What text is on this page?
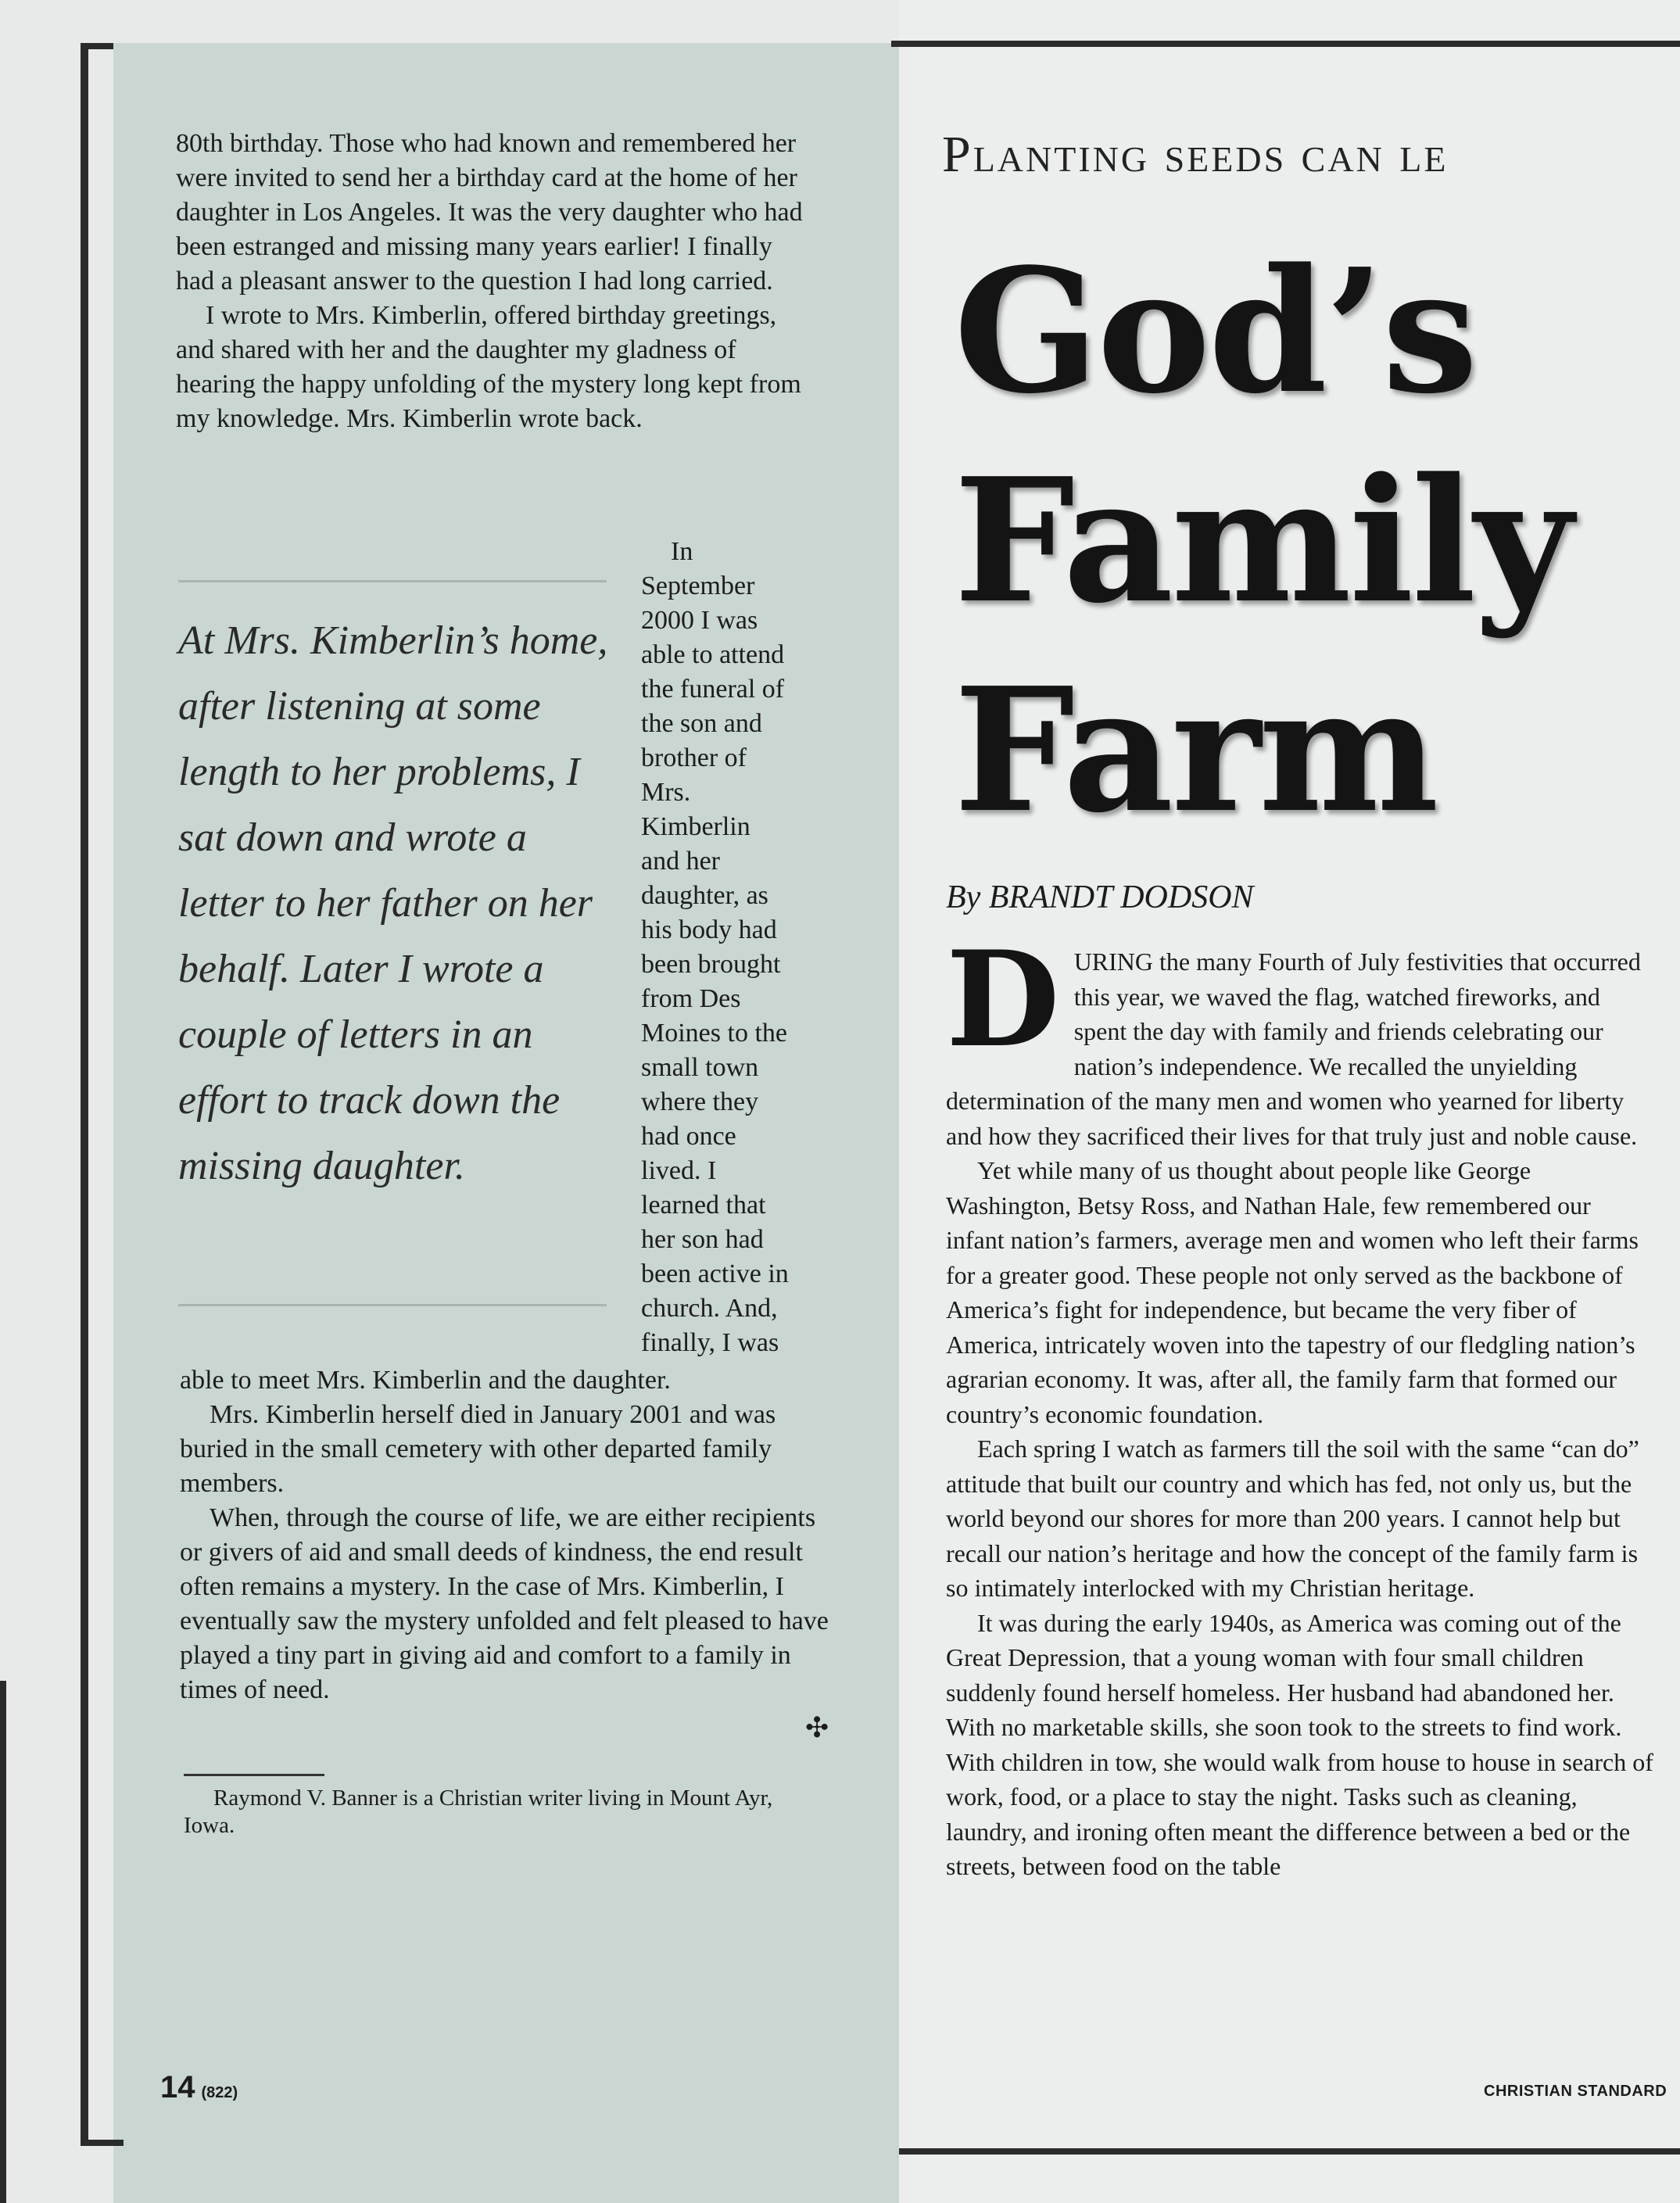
80th birthday. Those who had known and remembered her were invited to send her a birthday card at the home of her daughter in Los Angeles. It was the very daughter who had been estranged and missing many years earlier! I finally had a pleasant answer to the question I had long carried.

I wrote to Mrs. Kimberlin, offered birthday greetings, and shared with her and the daughter my gladness of hearing the happy unfolding of the mystery long kept from my knowledge. Mrs. Kimberlin wrote back.

At Mrs. Kimberlin’s home, after listening at some length to her problems, I sat down and wrote a letter to her father on her behalf. Later I wrote a couple of letters in an effort to track down the missing daughter.
In
September
2000 I was
able to attend
the funeral of
the son and
brother of
Mrs.
Kimberlin
and her
daughter, as
his body had
been brought
from Des
Moines to the
small town
where they
had once
lived. I
learned that
her son had
been active in
church. And,
finally, I was

able to meet Mrs. Kimberlin and the daughter.

Mrs. Kimberlin herself died in January 2001 and was buried in the small cemetery with other departed family members.

When, through the course of life, we are either recipients or givers of aid and small deeds of kindness, the end result often remains a mystery. In the case of Mrs. Kimberlin, I eventually saw the mystery unfolded and felt pleased to have played a tiny part in giving aid and comfort to a family in times of need.

✣
Raymond V. Banner is a Christian writer living in Mount Ayr, Iowa.
14 (822)
Planting seeds can le
God’s
Family
Farm
By BRANDT DODSON

DURING the many Fourth of July festivities that occurred this year, we waved the flag, watched fireworks, and spent the day with family and friends celebrating our nation’s independence. We recalled the unyielding determination of the many men and women who yearned for liberty and how they sacrificed their lives for that truly just and noble cause.

Yet while many of us thought about people like George Washington, Betsy Ross, and Nathan Hale, few remembered our infant nation’s farmers, average men and women who left their farms for a greater good. These people not only served as the backbone of America’s fight for independence, but became the very fiber of America, intricately woven into the tapestry of our fledgling nation’s agrarian economy. It was, after all, the family farm that formed our country’s economic foundation.

Each spring I watch as farmers till the soil with the same “can do” attitude that built our country and which has fed, not only us, but the world beyond our shores for more than 200 years. I cannot help but recall our nation’s heritage and how the concept of the family farm is so intimately interlocked with my Christian heritage.

It was during the early 1940s, as America was coming out of the Great Depression, that a young woman with four small children suddenly found herself homeless. Her husband had abandoned her. With no marketable skills, she soon took to the streets to find work. With children in tow, she would walk from house to house in search of work, food, or a place to stay the night. Tasks such as cleaning, laundry, and ironing often meant the difference between a bed or the streets, between food on the table

CHRISTIAN STANDARD
